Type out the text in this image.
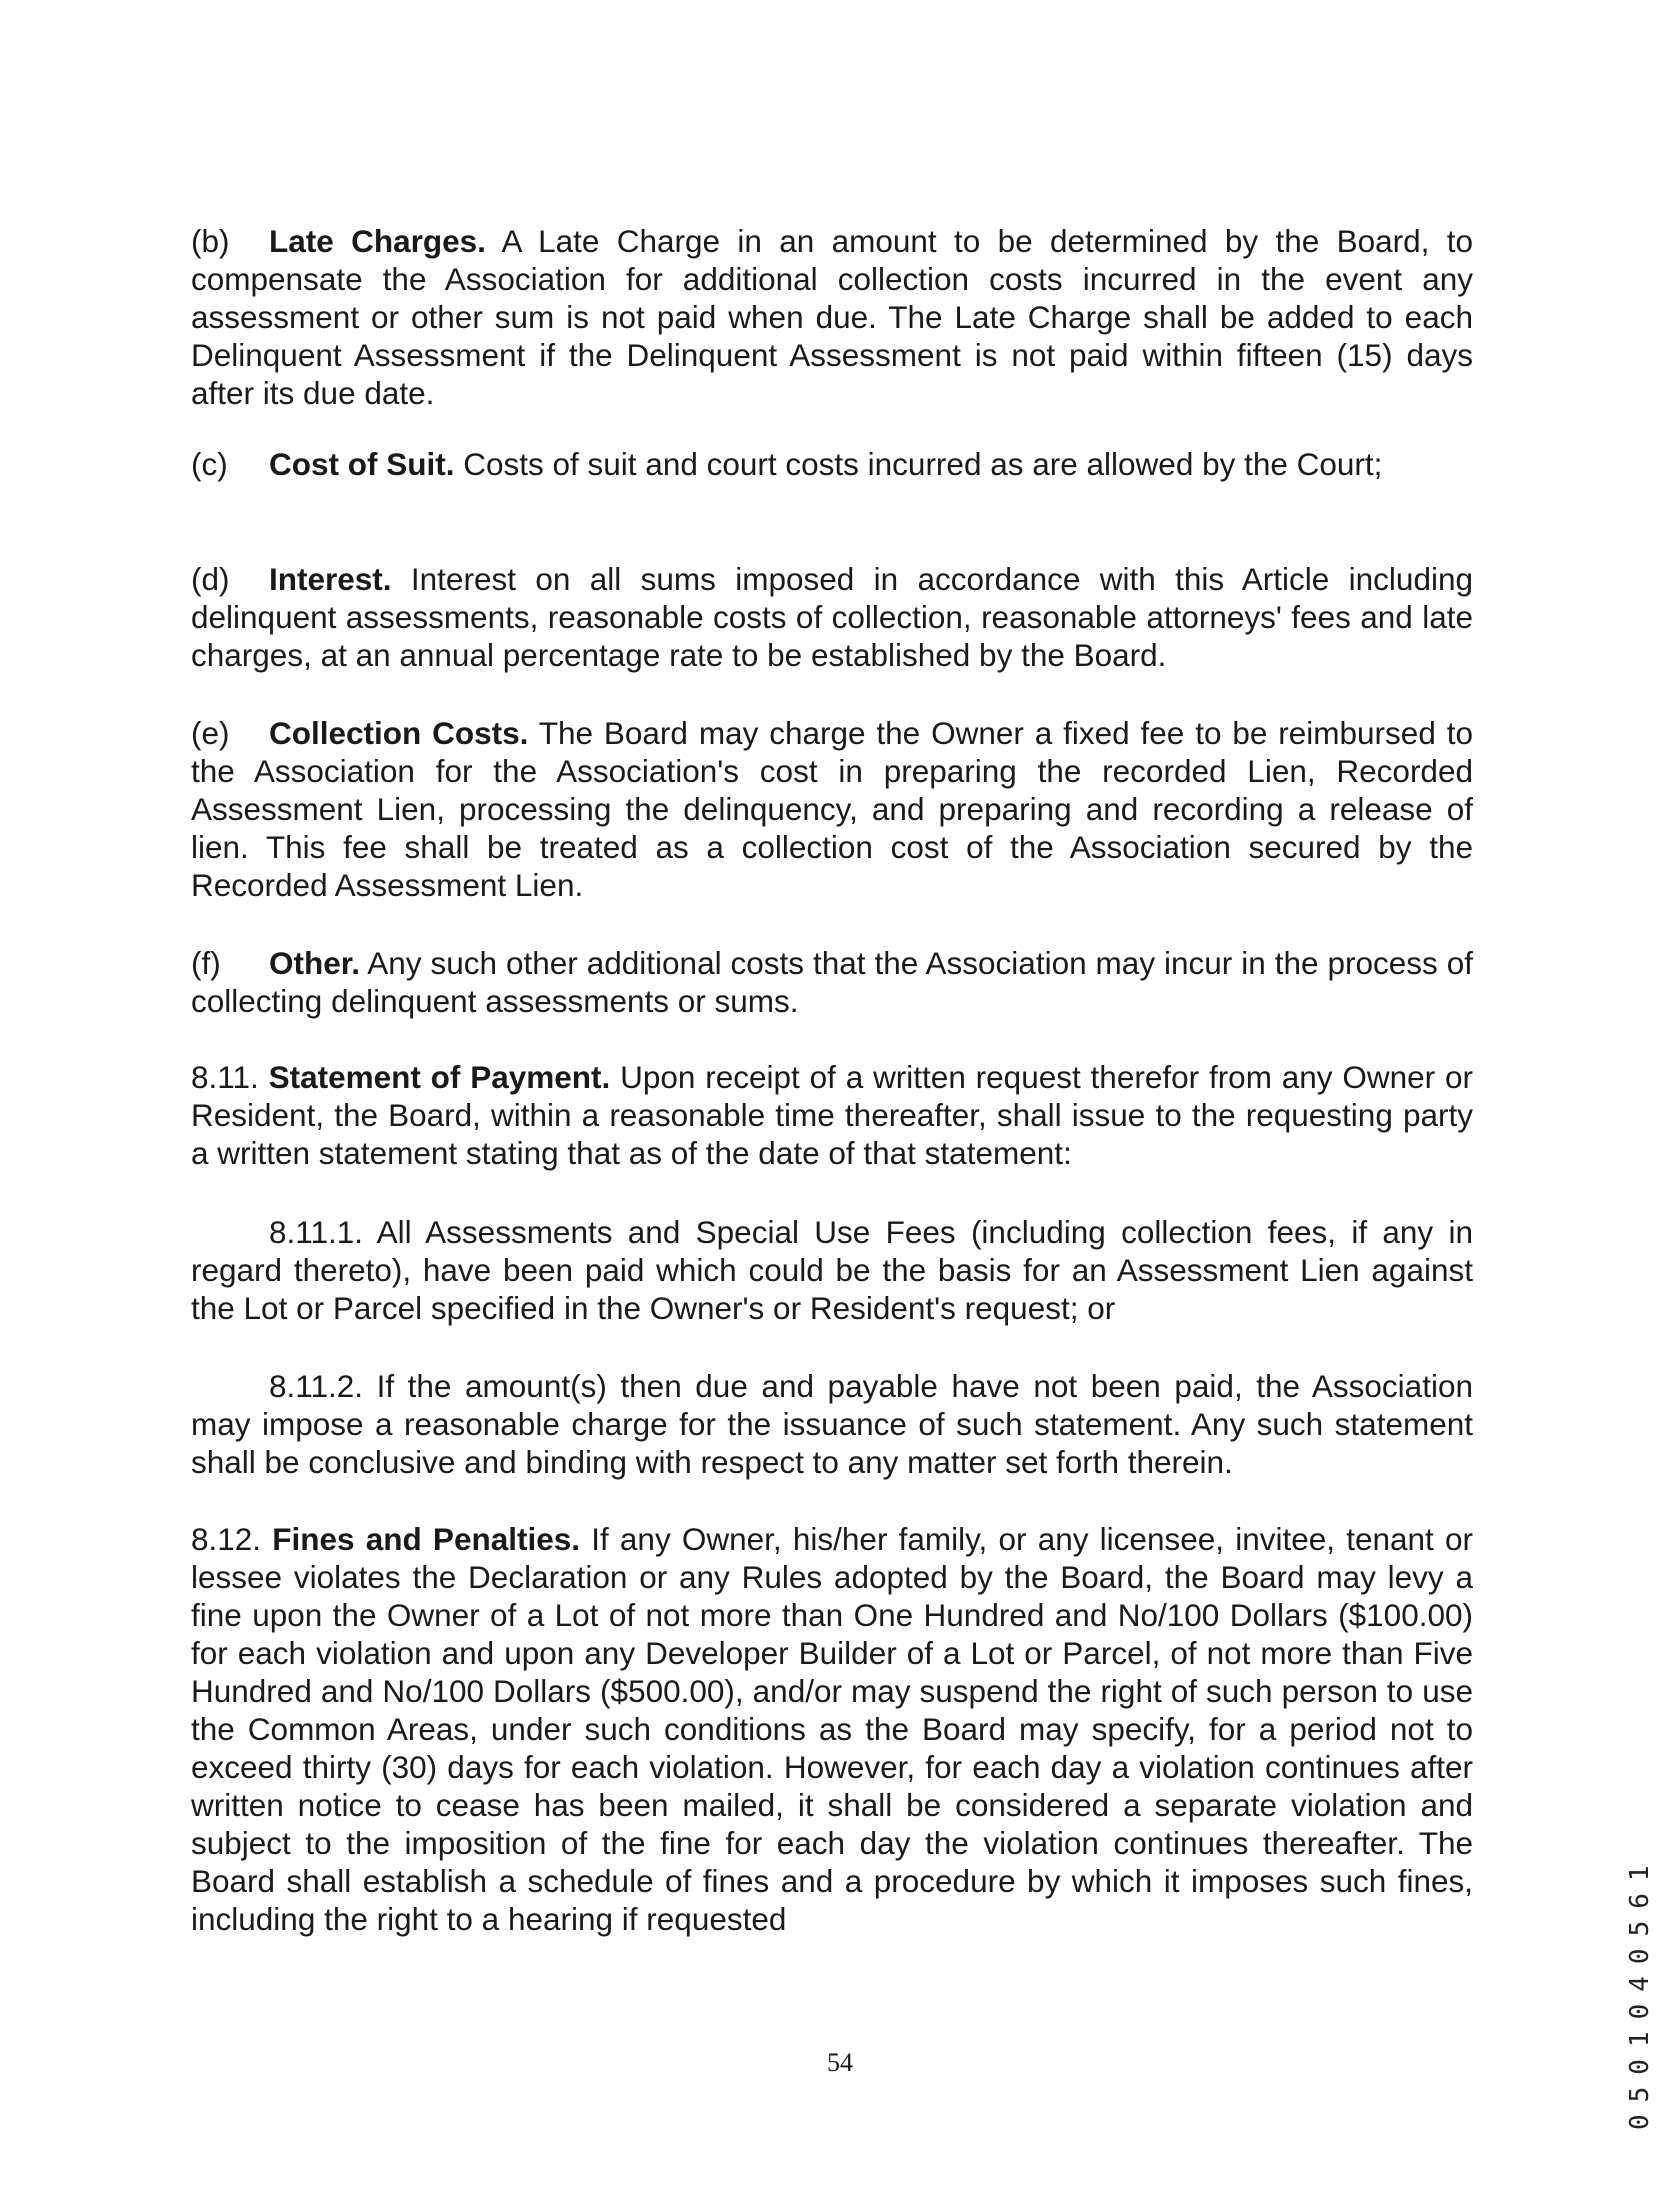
(b)Late Charges. A Late Charge in an amount to be determined by the Board, to compensate the Association for additional collection costs incurred in the event any assessment or other sum is not paid when due. The Late Charge shall be added to each Delinquent Assessment if the Delinquent Assessment is not paid within fifteen (15) days after its due date.

(c)Cost of Suit. Costs of suit and court costs incurred as are allowed by the Court;

(d)Interest. Interest on all sums imposed in accordance with this Article including delinquent assessments, reasonable costs of collection, reasonable attorneys' fees and late charges, at an annual percentage rate to be established by the Board.

(e)Collection Costs. The Board may charge the Owner a fixed fee to be reimbursed to the Association for the Association's cost in preparing the recorded Lien, Recorded Assessment Lien, processing the delinquency, and preparing and recording a release of lien. This fee shall be treated as a collection cost of the Association secured by the Recorded Assessment Lien.

(f)Other. Any such other additional costs that the Association may incur in the process of collecting delinquent assessments or sums.

8.11. Statement of Payment. Upon receipt of a written request therefor from any Owner or Resident, the Board, within a reasonable time thereafter, shall issue to the requesting party a written statement stating that as of the date of that statement:

8.11.1. All Assessments and Special Use Fees (including collection fees, if any in regard thereto), have been paid which could be the basis for an Assessment Lien against the Lot or Parcel specified in the Owner's or Resident's request; or

8.11.2. If the amount(s) then due and payable have not been paid, the Association may impose a reasonable charge for the issuance of such statement. Any such statement shall be conclusive and binding with respect to any matter set forth therein.

8.12. Fines and Penalties. If any Owner, his/her family, or any licensee, invitee, tenant or lessee violates the Declaration or any Rules adopted by the Board, the Board may levy a fine upon the Owner of a Lot of not more than One Hundred and No/100 Dollars ($100.00) for each violation and upon any Developer Builder of a Lot or Parcel, of not more than Five Hundred and No/100 Dollars ($500.00), and/or may suspend the right of such person to use the Common Areas, under such conditions as the Board may specify, for a period not to exceed thirty (30) days for each violation. However, for each day a violation continues after written notice to cease has been mailed, it shall be considered a separate violation and subject to the imposition of the fine for each day the violation continues thereafter. The Board shall establish a schedule of fines and a procedure by which it imposes such fines, including the right to a hearing if requested	0501040561

54
